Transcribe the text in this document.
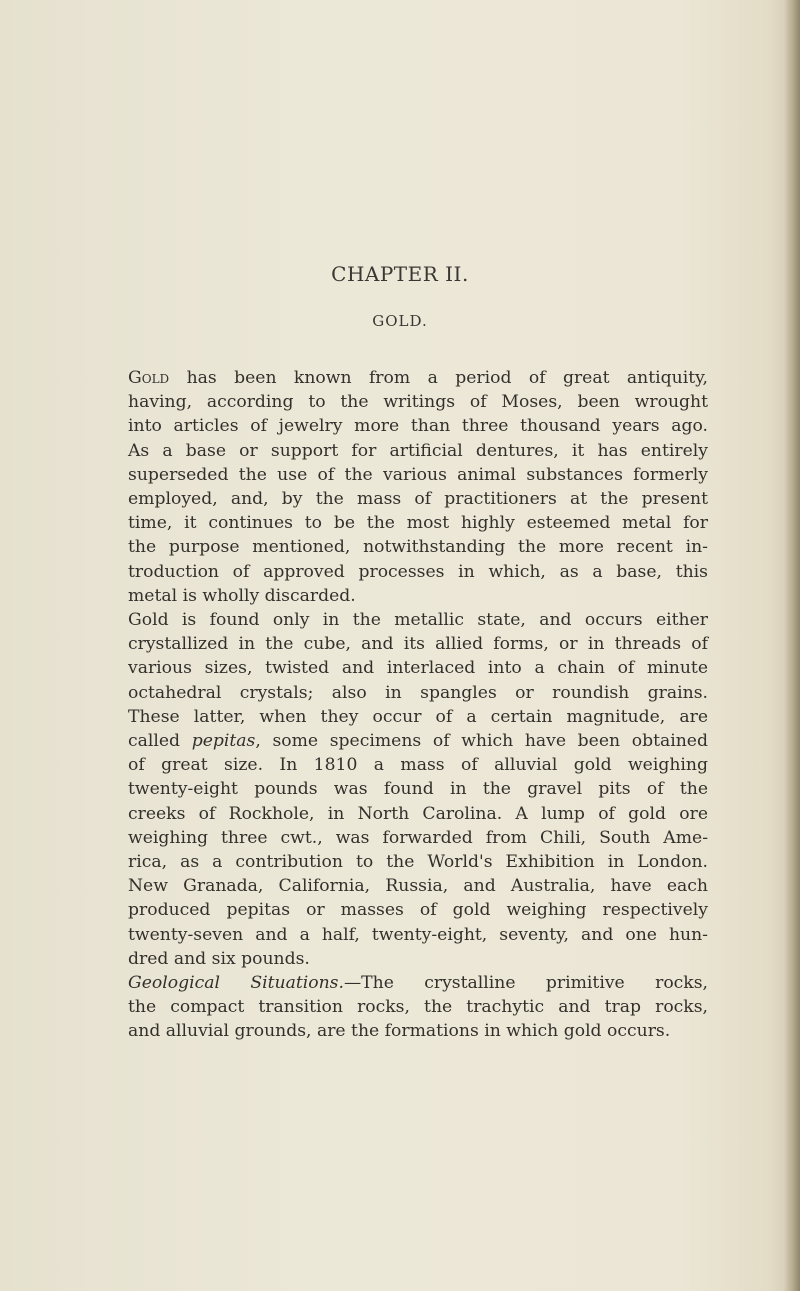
CHAPTER II.
GOLD.
Gold has been known from a period of great antiquity,
having, according to the writings of Moses, been wrought
into articles of jewelry more than three thousand years ago.
As a base or support for artificial dentures, it has entirely
superseded the use of the various animal substances formerly
employed, and, by the mass of practitioners at the present
time, it continues to be the most highly esteemed metal for
the purpose mentioned, notwithstanding the more recent in-
troduction of approved processes in which, as a base, this
metal is wholly discarded.
Gold is found only in the metallic state, and occurs either
crystallized in the cube, and its allied forms, or in threads of
various sizes, twisted and interlaced into a chain of minute
octahedral crystals; also in spangles or roundish grains.
These latter, when they occur of a certain magnitude, are
called pepitas, some specimens of which have been obtained
of great size. In 1810 a mass of alluvial gold weighing
twenty-eight pounds was found in the gravel pits of the
creeks of Rockhole, in North Carolina. A lump of gold ore
weighing three cwt., was forwarded from Chili, South Ame-
rica, as a contribution to the World's Exhibition in London.
New Granada, California, Russia, and Australia, have each
produced pepitas or masses of gold weighing respectively
twenty-seven and a half, twenty-eight, seventy, and one hun-
dred and six pounds.
Geological Situations.—The crystalline primitive rocks,
the compact transition rocks, the trachytic and trap rocks,
and alluvial grounds, are the formations in which gold occurs.
